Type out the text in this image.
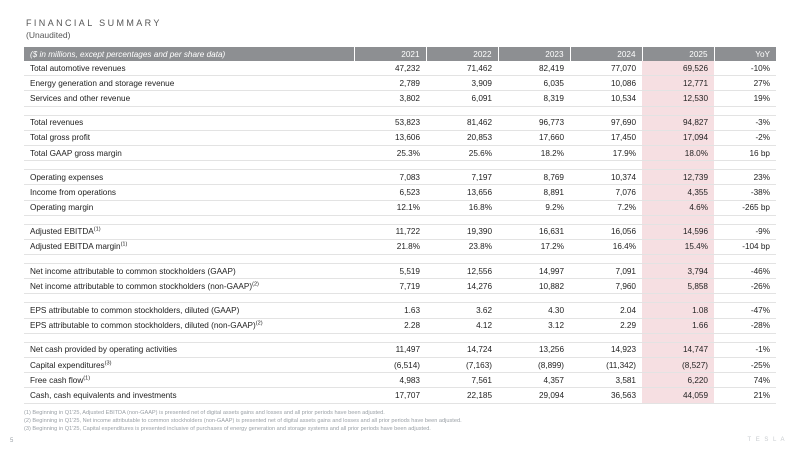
FINANCIAL SUMMARY
(Unaudited)
($ in millions, except percentages and per share data)	2021	2022	2023	2024	2025	YoY
Total automotive revenues	47,232	71,462	82,419	77,070	69,526	-10%
Energy generation and storage revenue	2,789	3,909	6,035	10,086	12,771	27%
Services and other revenue	3,802	6,091	8,319	10,534	12,530	19%

Total revenues	53,823	81,462	96,773	97,690	94,827	-3%
Total gross profit	13,606	20,853	17,660	17,450	17,094	-2%
Total GAAP gross margin	25.3%	25.6%	18.2%	17.9%	18.0%	16 bp

Operating expenses	7,083	7,197	8,769	10,374	12,739	23%
Income from operations	6,523	13,656	8,891	7,076	4,355	-38%
Operating margin	12.1%	16.8%	9.2%	7.2%	4.6%	-265 bp

Adjusted EBITDA$^{(1)}$	11,722	19,390	16,631	16,056	14,596	-9%
Adjusted EBITDA margin$^{(1)}$	21.8%	23.8%	17.2%	16.4%	15.4%	-104 bp

Net income attributable to common stockholders (GAAP)	5,519	12,556	14,997	7,091	3,794	-46%
Net income attributable to common stockholders (non-GAAP)$^{(2)}$	7,719	14,276	10,882	7,960	5,858	-26%

EPS attributable to common stockholders, diluted (GAAP)	1.63	3.62	4.30	2.04	1.08	-47%
EPS attributable to common stockholders, diluted (non-GAAP)$^{(2)}$	2.28	4.12	3.12	2.29	1.66	-28%

Net cash provided by operating activities	11,497	14,724	13,256	14,923	14,747	-1%
Capital expenditures$^{(3)}$	(6,514)	(7,163)	(8,899)	(11,342)	(8,527)	-25%
Free cash flow$^{(1)}$	4,983	7,561	4,357	3,581	6,220	74%
Cash, cash equivalents and investments	17,707	22,185	29,094	36,563	44,059	21%
(1) Beginning in Q1'25, Adjusted EBITDA (non-GAAP) is presented net of digital assets gains and losses and all prior periods have been adjusted.
(2) Beginning in Q1'25, Net income attributable to common stockholders (non-GAAP) is presented net of digital assets gains and losses and all prior periods have been adjusted.
(3) Beginning in Q1'25, Capital expenditures is presented inclusive of purchases of energy generation and storage systems and all prior periods have been adjusted.
5	T E S L A
